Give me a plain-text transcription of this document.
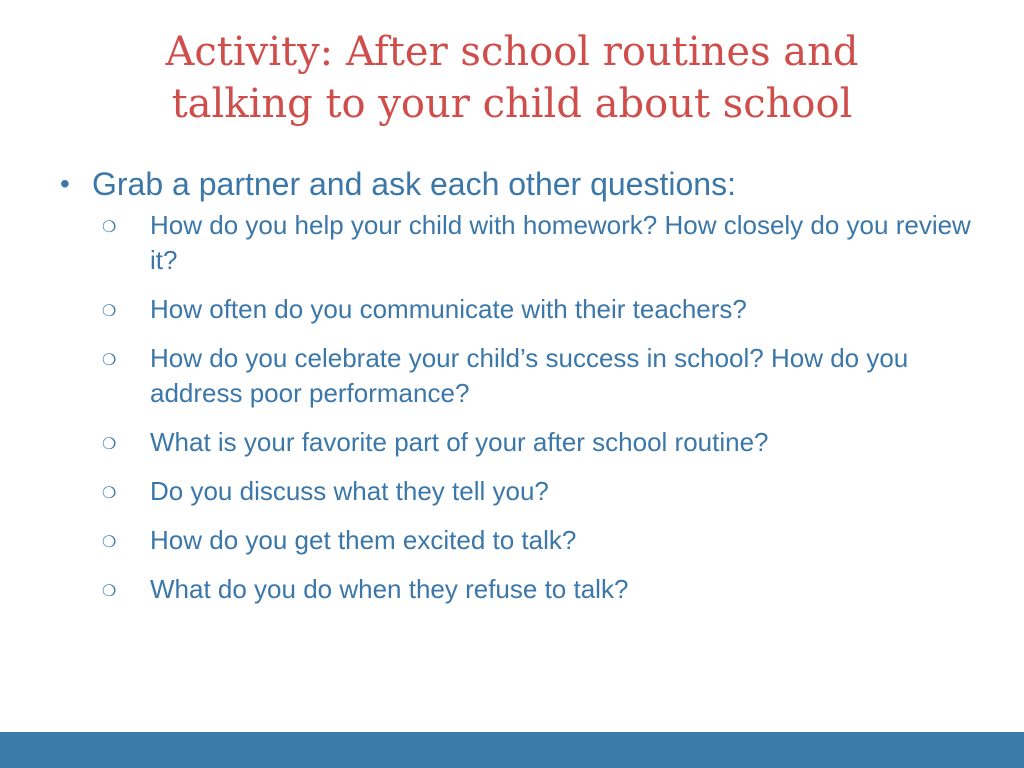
Activity: After school routines and
talking to your child about school
• Grab a partner and ask each other questions:
❍ How do you help your child with homework? How closely do you review it?
❍ How often do you communicate with their teachers?
❍ How do you celebrate your child’s success in school? How do you address poor performance?
❍ What is your favorite part of your after school routine?
❍ Do you discuss what they tell you?
❍ How do you get them excited to talk?
❍ What do you do when they refuse to talk?
